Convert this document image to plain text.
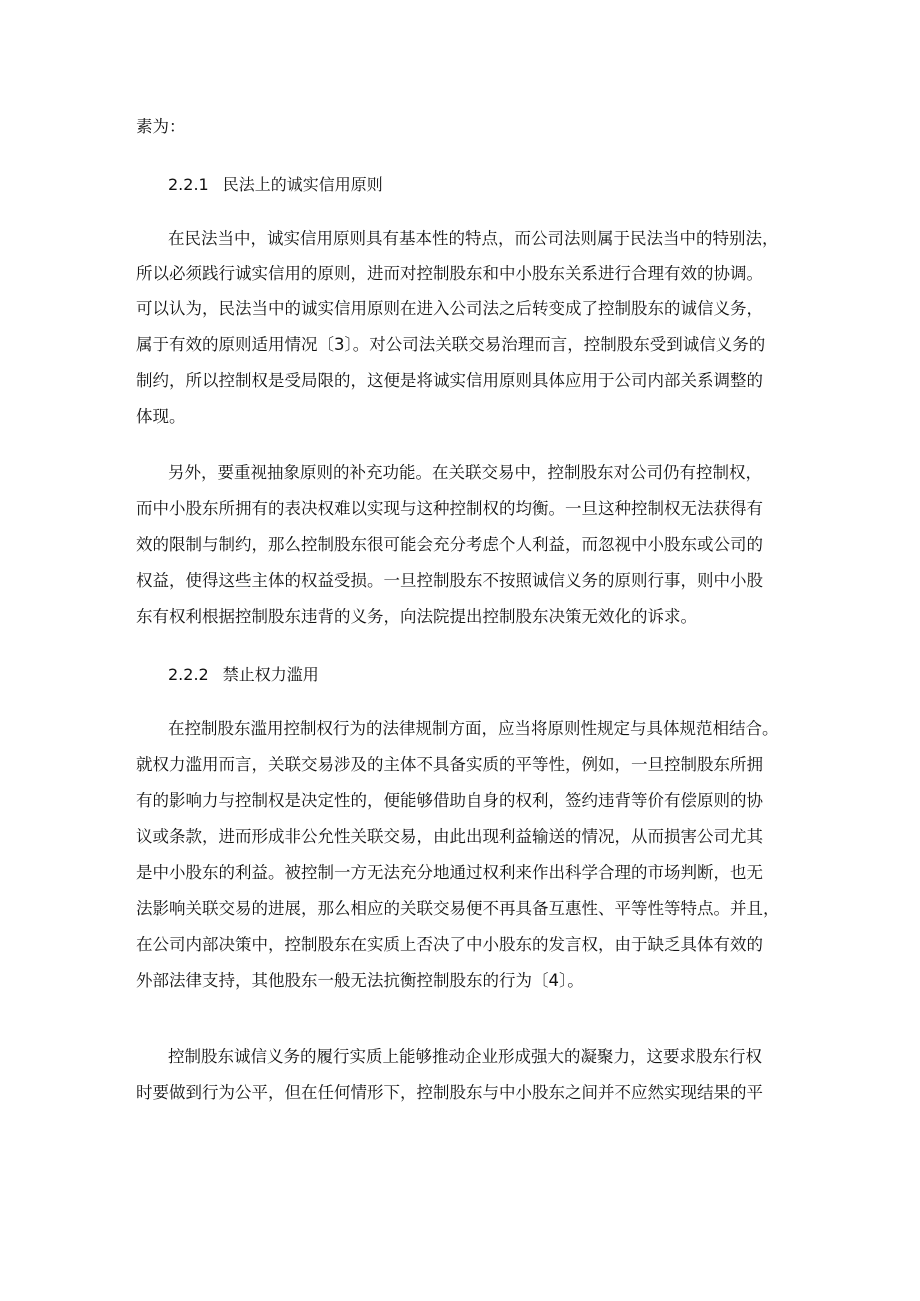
素为：
2.2.1 民法上的诚实信用原则
在民法当中，诚实信用原则具有基本性的特点，而公司法则属于民法当中的特别法，
所以必须践行诚实信用的原则，进而对控制股东和中小股东关系进行合理有效的协调。
可以认为，民法当中的诚实信用原则在进入公司法之后转变成了控制股东的诚信义务，
属于有效的原则适用情况〔3〕。对公司法关联交易治理而言，控制股东受到诚信义务的
制约，所以控制权是受局限的，这便是将诚实信用原则具体应用于公司内部关系调整的
体现。
另外，要重视抽象原则的补充功能。在关联交易中，控制股东对公司仍有控制权，
而中小股东所拥有的表决权难以实现与这种控制权的均衡。一旦这种控制权无法获得有
效的限制与制约，那么控制股东很可能会充分考虑个人利益，而忽视中小股东或公司的
权益，使得这些主体的权益受损。一旦控制股东不按照诚信义务的原则行事，则中小股
东有权利根据控制股东违背的义务，向法院提出控制股东决策无效化的诉求。
2.2.2 禁止权力滥用
在控制股东滥用控制权行为的法律规制方面，应当将原则性规定与具体规范相结合。
就权力滥用而言，关联交易涉及的主体不具备实质的平等性，例如，一旦控制股东所拥
有的影响力与控制权是决定性的，便能够借助自身的权利，签约违背等价有偿原则的协
议或条款，进而形成非公允性关联交易，由此出现利益输送的情况，从而损害公司尤其
是中小股东的利益。被控制一方无法充分地通过权利来作出科学合理的市场判断，也无
法影响关联交易的进展，那么相应的关联交易便不再具备互惠性、平等性等特点。并且，
在公司内部决策中，控制股东在实质上否决了中小股东的发言权，由于缺乏具体有效的
外部法律支持，其他股东一般无法抗衡控制股东的行为〔4〕。
控制股东诚信义务的履行实质上能够推动企业形成强大的凝聚力，这要求股东行权
时要做到行为公平，但在任何情形下，控制股东与中小股东之间并不应然实现结果的平
